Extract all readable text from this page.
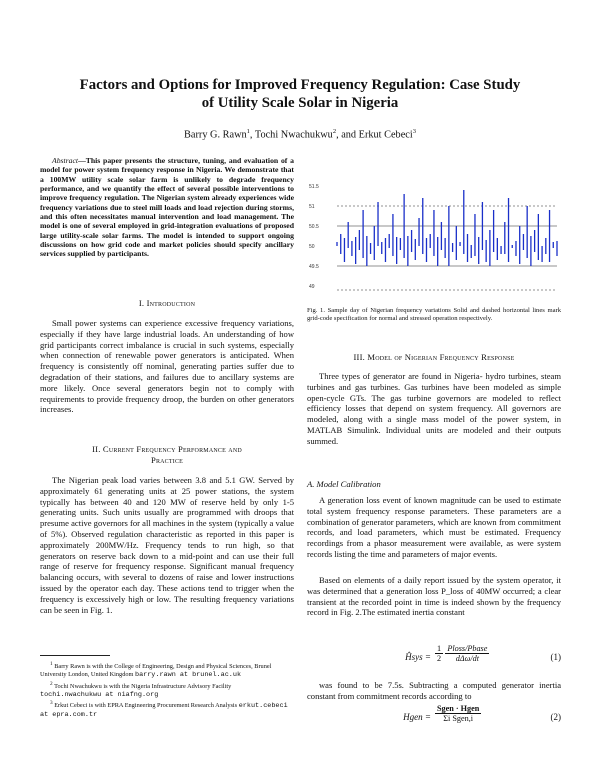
Factors and Options for Improved Frequency Regulation: Case Study
of Utility Scale Solar in Nigeria
Barry G. Rawn$^1$, Tochi Nwachukwu$^2$, and Erkut Cebeci$^3$
Abstract—This paper presents the structure, tuning, and evaluation of a model for power system frequency response in Nigeria. We demonstrate that a 100MW utility scale solar farm is unlikely to degrade frequency performance, and we quantify the effect of several possible interventions to improve frequency regulation. The Nigerian system already experiences wide frequency variations due to steel mill loads and load rejection during storms, and this often necessitates manual intervention and load management. The model is one of several employed in grid-integration evaluations of proposed large utility-scale solar farms. The model is intended to support ongoing discussions on how grid code and market policies should specify ancillary services supplied by participants.
I. Introduction
Small power systems can experience excessive frequency variations, especially if they have large industrial loads. An understanding of how grid participants correct imbalance is crucial in such systems, especially when connection of renewable power generators is anticipated. When frequency is consistently off nominal, generating parties suffer due to degradation of their stations, and failures due to ancillary systems are more likely. Once several generators begin not to comply with requirements to provide frequency droop, the burden on other generators increases.
II. Current Frequency Performance and
Practice
The Nigerian peak load varies between 3.8 and 5.1 GW. Served by approximately 61 generating units at 25 power stations, the system typically has between 40 and 120 MW of reserve held by only 1-5 generating units. Such units usually are programmed with droops that presume active governors for all machines in the system (typically a value of 5%). Observed regulation characteristic as reported in this paper is approximately 200MW/Hz. Frequency tends to run high, so that generators on reserve back down to a mid-point and can use their full range of reserve for frequency response. Significant manual frequency balancing occurs, with several to dozens of raise and lower instructions issued by the operator each day. These actions tend to trigger when the frequency is excessively high or low. The resulting frequency variations can be seen in Fig. 1.
$^1$ Barry Rawn is with the College of Engineering, Design and Physical Sciences, Brunel University London, United Kingdom barry.rawn at brunel.ac.uk
$^2$ Tochi Nwachukwu is with the Nigeria Infrastructure Advisory Facility tochi.nwachukwu at niafng.org
$^3$ Erkut Cebeci is with EPRA Engineering Procurement Research Analysis erkut.cebeci at epra.com.tr
51.5
51
50.5
50
49.5
49
Fig. 1. Sample day of Nigerian frequency variations Solid and dashed horizontal lines mark grid-code specification for normal and stressed operation respectively.
III. Model of Nigerian Frequency Response
Three types of generator are found in Nigeria- hydro turbines, steam turbines and gas turbines. Gas turbines have been modeled as simple open-cycle GTs. The gas turbine governors are modeled to reflect efficiency losses that depend on system frequency. All governors are modeled, along with a single mass model of the power system, in MATLAB Simulink. Individual units are modeled and their outputs summed.
A. Model Calibration
A generation loss event of known magnitude can be used to estimate total system frequency response parameters. These parameters are a combination of generator parameters, which are known from commitment records, and load parameters, which must be estimated. Frequency recordings from a phasor measurement were available, as were system records listing the time and parameters of major events.
Based on elements of a daily report issued by the system operator, it was determined that a generation loss P_loss of 40MW occurred; a clear transient at the recorded point in time is indeed shown by the frequency record in Fig. 2.The estimated inertia constant
Ĥsys = $\frac{1}{2}$
$\frac{\text{Ploss/Pbase}}{\text{dΔω/dt}}$	(1)
was found to be 7.5s. Subtracting a computed generator inertia constant from commitment records according to
Hgen = $\frac{\text{Sgen · Hgen}}{\text{Σi Sgen,i}}$	(2)
